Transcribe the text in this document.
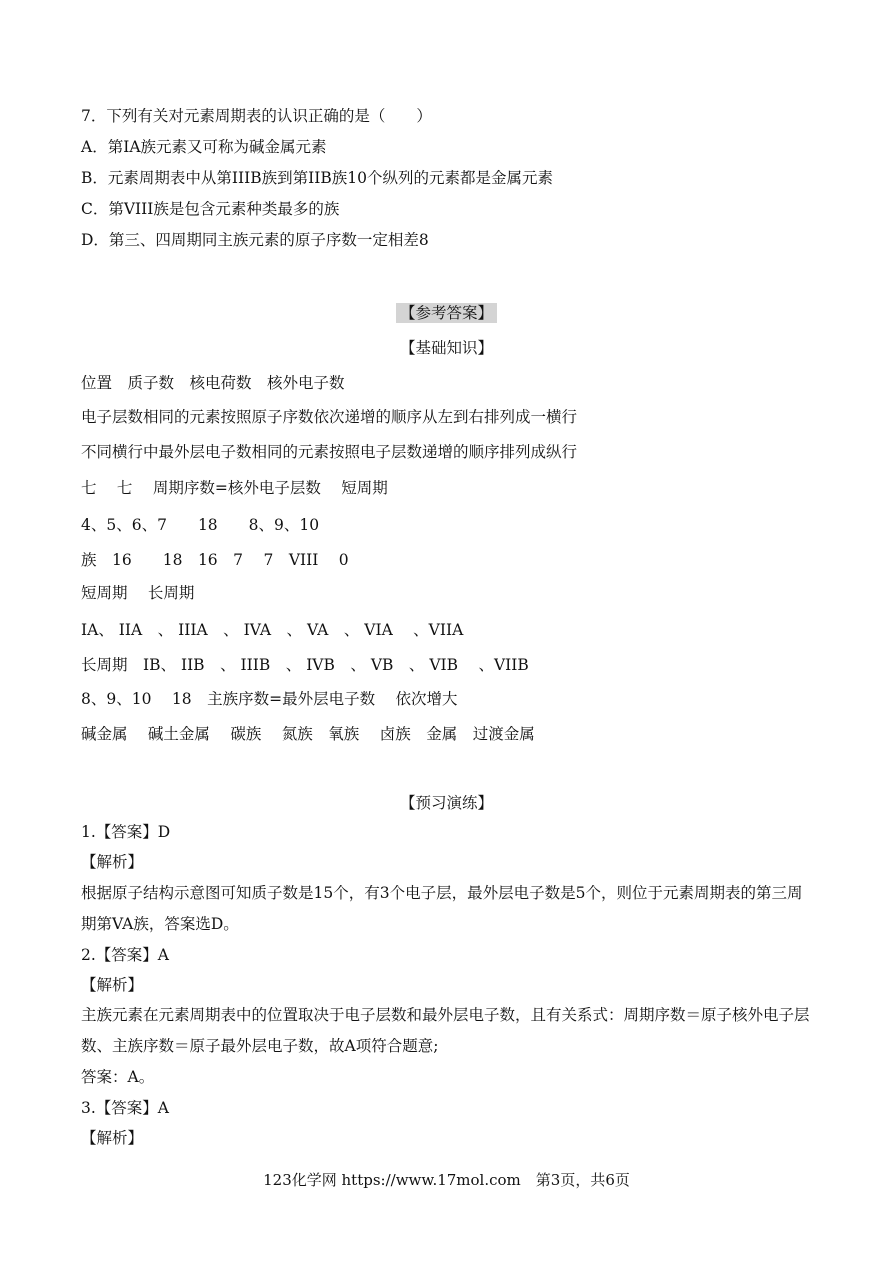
7．下列有关对元素周期表的认识正确的是（　　）
A．第IA族元素又可称为碱金属元素
B．元素周期表中从第IIIB族到第IIB族10个纵列的元素都是金属元素
C．第VIII族是包含元素种类最多的族
D．第三、四周期同主族元素的原子序数一定相差8
【参考答案】
【基础知识】
位置　质子数　核电荷数　核外电子数
电子层数相同的元素按照原子序数依次递增的顺序从左到右排列成一横行
不同横行中最外层电子数相同的元素按照电子层数递增的顺序排列成纵行
七　 七　 周期序数=核外电子层数　 短周期
4、5、6、7　　18　　8、9、10
族　16　　18　16　7　 7　VIII　 0
短周期　 长周期
IA、 IIA　、 IIIA　、 IVA　、 VA　、 VIA　 、VIIA
长周期　IB、 IIB　、 IIIB　、 IVB　、 VB　、 VIB　 、VIIB
8、9、10　 18　主族序数=最外层电子数　 依次增大
碱金属　 碱土金属　 碳族　 氮族　氧族　 卤族　金属　过渡金属
【预习演练】
1.【答案】D
【解析】
根据原子结构示意图可知质子数是15个，有3个电子层，最外层电子数是5个，则位于元素周期表的第三周期第VA族，答案选D。
2.【答案】A
【解析】
主族元素在元素周期表中的位置取决于电子层数和最外层电子数，且有关系式：周期序数＝原子核外电子层数、主族序数＝原子最外层电子数，故A项符合题意;
答案：A。
3.【答案】A
【解析】
123化学网 https://www.17mol.com　第3页，共6页
